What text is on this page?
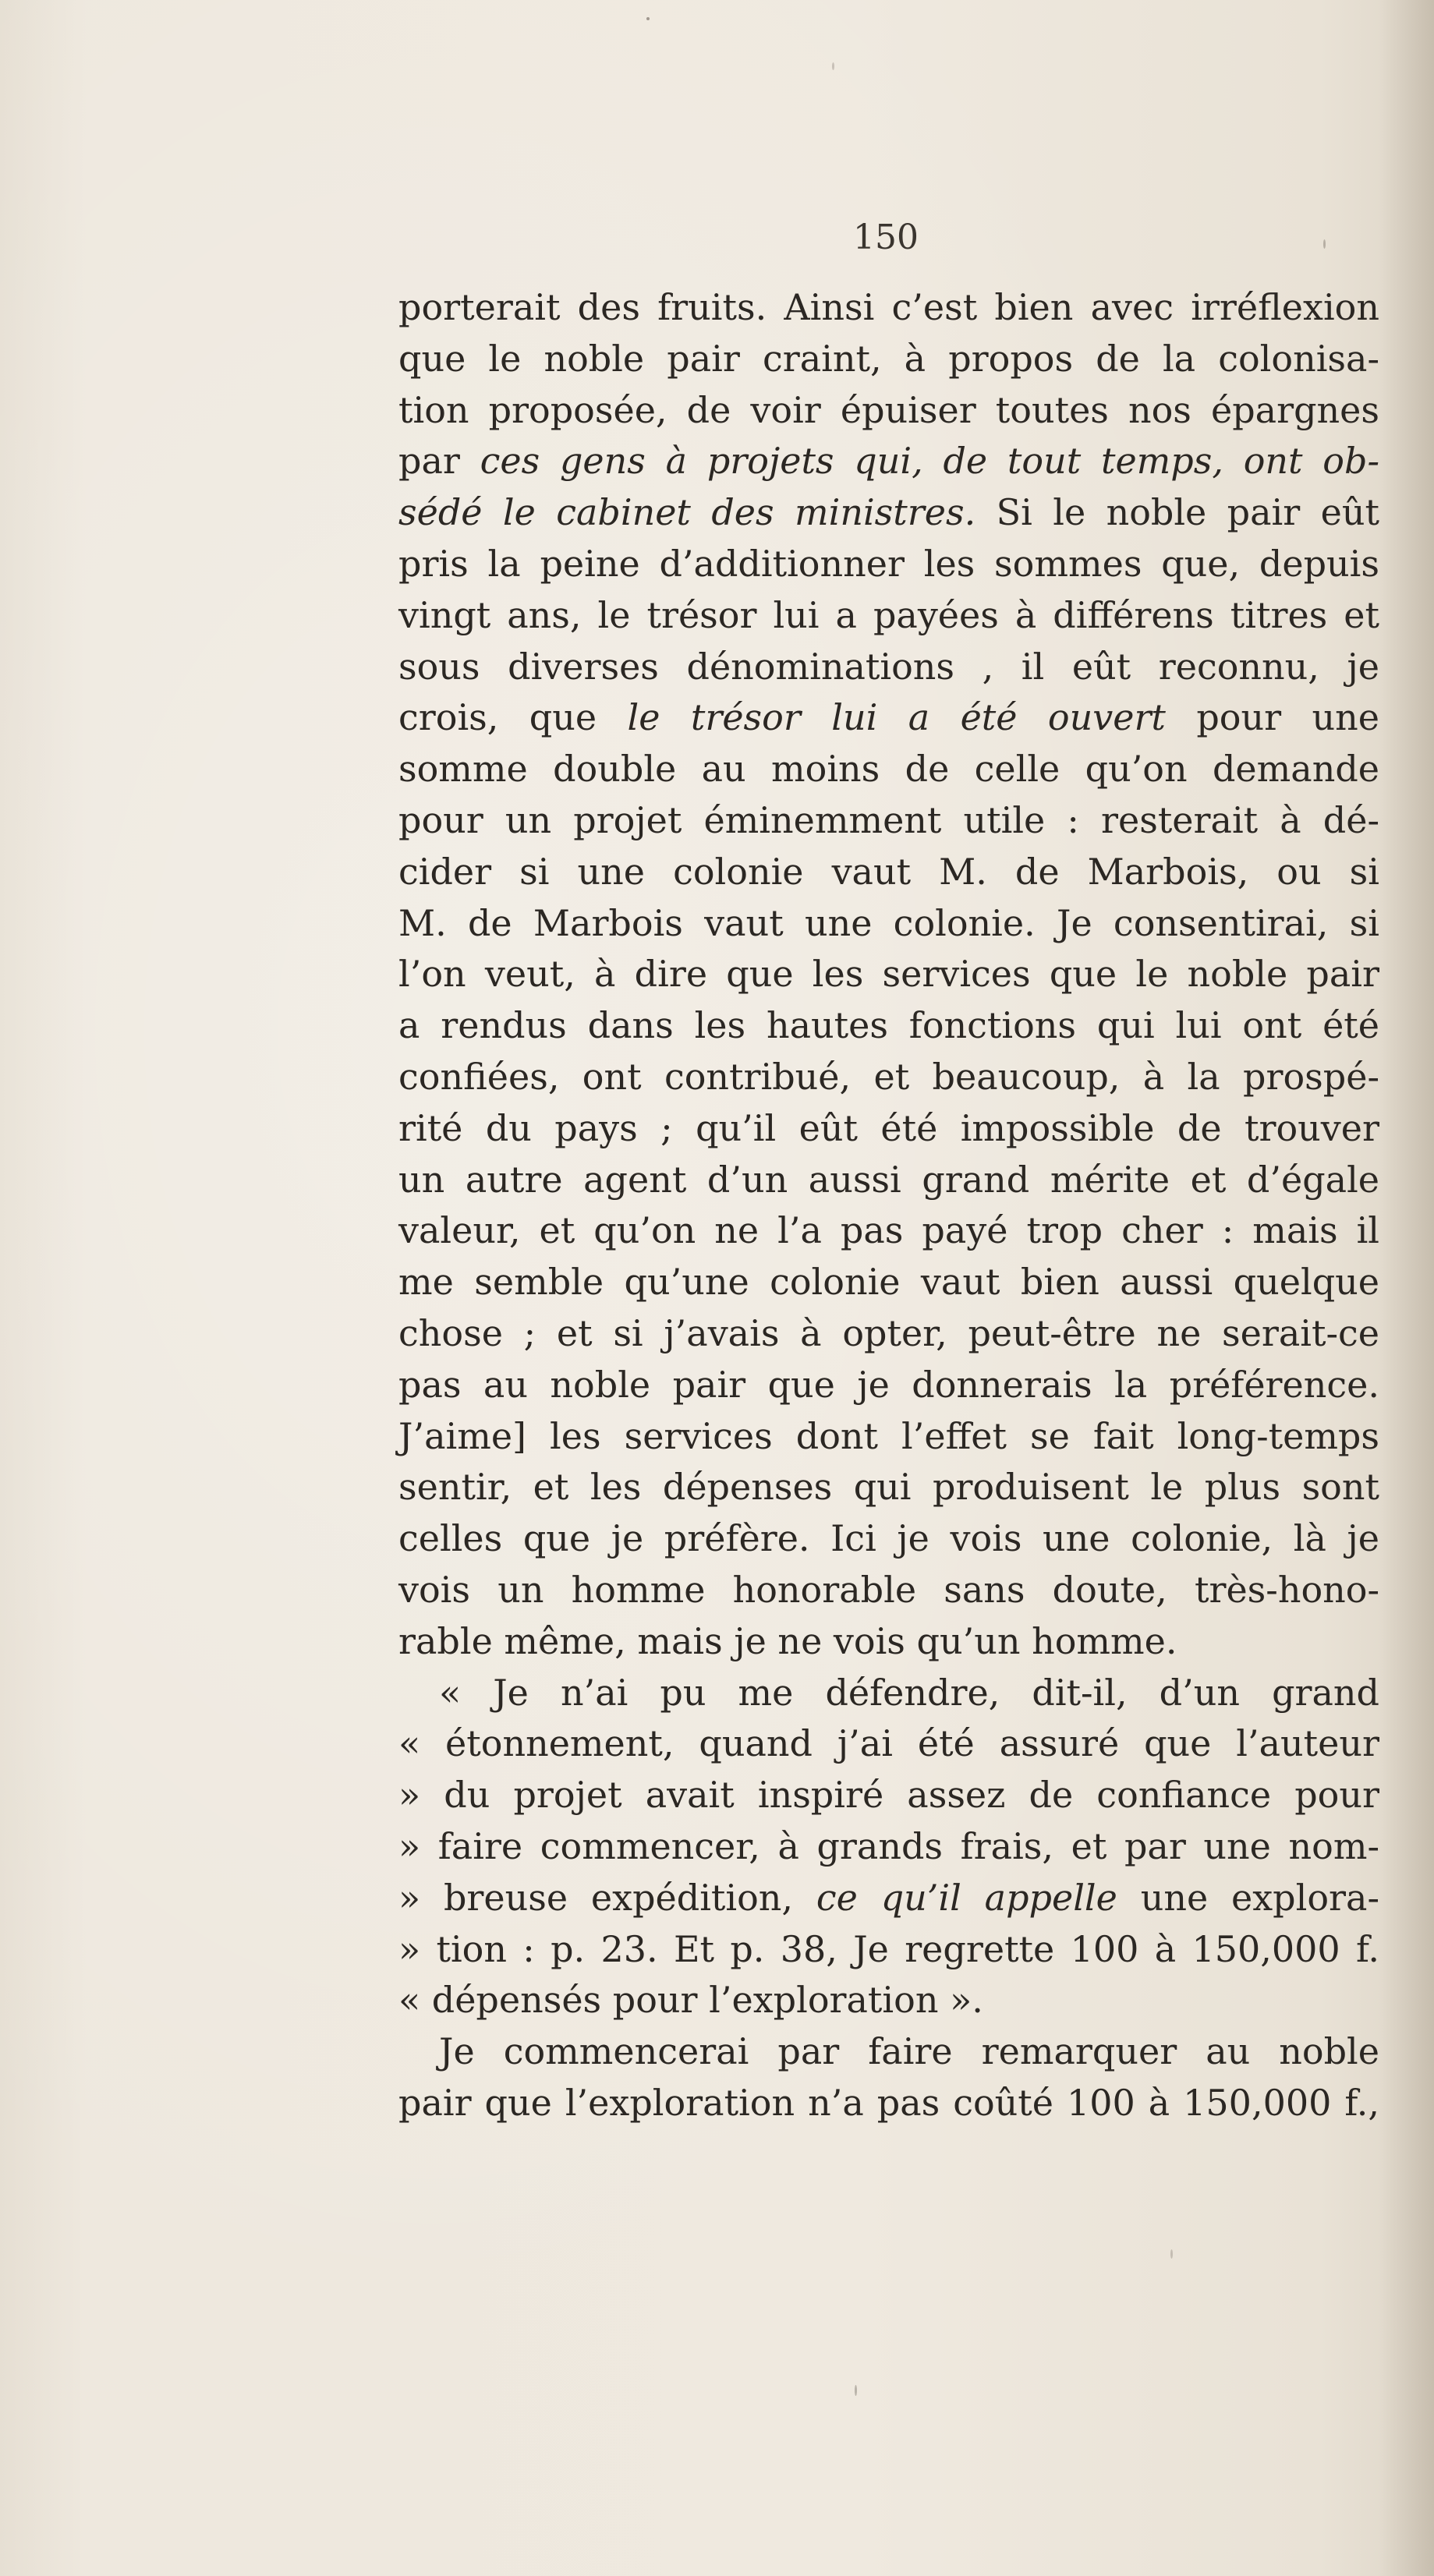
150
porterait des fruits. Ainsi c’est bien avec irréflexion
que le noble pair craint, à propos de la colonisa-
tion proposée, de voir épuiser toutes nos épargnes
par ces gens à projets qui, de tout temps, ont ob-
sédé le cabinet des ministres. Si le noble pair eût
pris la peine d’additionner les sommes que, depuis
vingt ans, le trésor lui a payées à différens titres et
sous diverses dénominations , il eût reconnu, je
crois, que le trésor lui a été ouvert pour une
somme double au moins de celle qu’on demande
pour un projet éminemment utile : resterait à dé-
cider si une colonie vaut M. de Marbois, ou si
M. de Marbois vaut une colonie. Je consentirai, si
l’on veut, à dire que les services que le noble pair
a rendus dans les hautes fonctions qui lui ont été
confiées, ont contribué, et beaucoup, à la prospé-
rité du pays ; qu’il eût été impossible de trouver
un autre agent d’un aussi grand mérite et d’égale
valeur, et qu’on ne l’a pas payé trop cher : mais il
me semble qu’une colonie vaut bien aussi quelque
chose ; et si j’avais à opter, peut-être ne serait-ce
pas au noble pair que je donnerais la préférence.
J’aime] les services dont l’effet se fait long-temps
sentir, et les dépenses qui produisent le plus sont
celles que je préfère. Ici je vois une colonie, là je
vois un homme honorable sans doute, très-hono-
rable même, mais je ne vois qu’un homme.
« Je n’ai pu me défendre, dit-il, d’un grand
« étonnement, quand j’ai été assuré que l’auteur
» du projet avait inspiré assez de confiance pour
» faire commencer, à grands frais, et par une nom-
» breuse expédition, ce qu’il appelle une explora-
» tion : p. 23. Et p. 38, Je regrette 100 à 150,000 f.
« dépensés pour l’exploration ».
Je commencerai par faire remarquer au noble
pair que l’exploration n’a pas coûté 100 à 150,000 f.,
